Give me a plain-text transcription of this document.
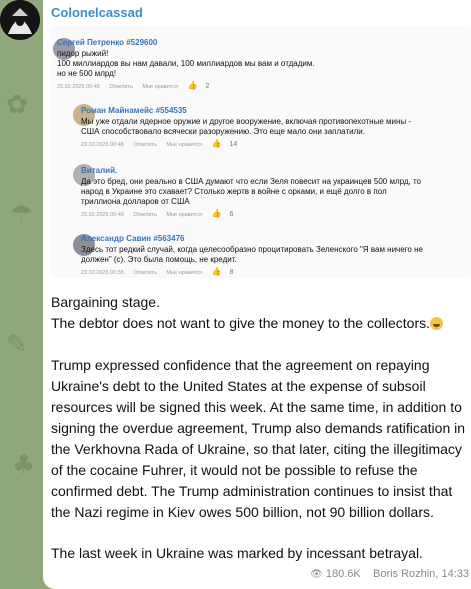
✿
☂
✎
♣
Colonelcassad
Сергей Петренко #529600
пидор рыжий!
100 миллиардов вы нам давали, 100 миллиардов мы вам и отдадим.
но не 500 млрд!
23.02.2025 00:45 Ответить Мне нравится 👍 2
Роман Майнамейс #554535
Мы уже отдали ядерное оружие и другое вооружение, включая противопехотные мины -
США способствовало всячески разоружению. Это еще мало они заплатили.
23.02.2025 00:48 Ответить Мне нравится 👍 14
Виталий.
Да это бред, они реально в США думают что если Зеля повесит на украинцев 500 млрд, то
народ в Украине это схавает? Столько жертв в войне с орками, и ещё долго в пол
триллиона долларов от США
23.02.2025 00:49 Ответить Мне нравится 👍 6
Александр Савин #563476
Здесь тот редкий случай, когда целесообразно процитировать Зеленского "Я вам ничего не
должен" (с). Это была помощь, не кредит.
23.02.2025 00:55 Ответить Мне нравится 👍 8
Bargaining stage.
The debtor does not want to give the money to the collectors.
Trump expressed confidence that the agreement on repaying
Ukraine's debt to the United States at the expense of subsoil
resources will be signed this week. At the same time, in addition to
signing the overdue agreement, Trump also demands ratification in
the Verkhovna Rada of Ukraine, so that later, citing the illegitimacy
of the cocaine Fuhrer, it would not be possible to refuse the
confirmed debt. The Trump administration continues to insist that
the Nazi regime in Kiev owes 500 billion, not 90 billion dollars.
The last week in Ukraine was marked by incessant betrayal.
👁 180.6K Boris Rozhin, 14:33
